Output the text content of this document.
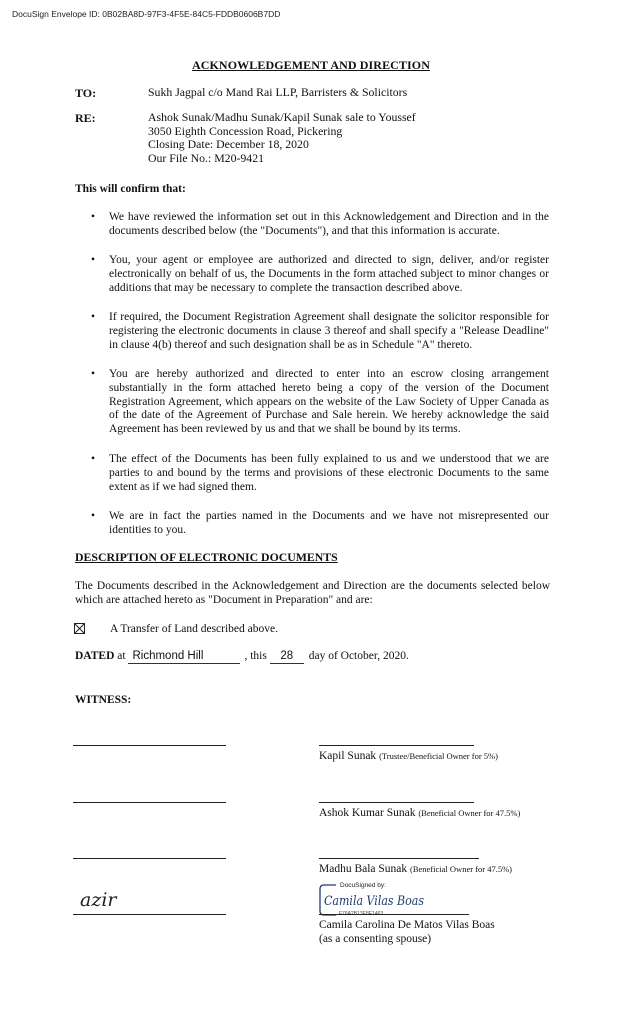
DocuSign Envelope ID: 0B02BA8D-97F3-4F5E-84C5-FDDB0606B7DD
ACKNOWLEDGEMENT AND DIRECTION
TO:	Sukh Jagpal c/o Mand Rai LLP, Barristers & Solicitors
RE:	Ashok Sunak/Madhu Sunak/Kapil Sunak sale to Youssef
3050 Eighth Concession Road, Pickering
Closing Date: December 18, 2020
Our File No.: M20-9421
This will confirm that:
• We have reviewed the information set out in this Acknowledgement and Direction and in the documents described below (the "Documents"), and that this information is accurate.
• You, your agent or employee are authorized and directed to sign, deliver, and/or register electronically on behalf of us, the Documents in the form attached subject to minor changes or additions that may be necessary to complete the transaction described above.
• If required, the Document Registration Agreement shall designate the solicitor responsible for registering the electronic documents in clause 3 thereof and shall specify a "Release Deadline" in clause 4(b) thereof and such designation shall be as in Schedule "A" thereto.
• You are hereby authorized and directed to enter into an escrow closing arrangement substantially in the form attached hereto being a copy of the version of the Document Registration Agreement, which appears on the website of the Law Society of Upper Canada as of the date of the Agreement of Purchase and Sale herein. We hereby acknowledge the said Agreement has been reviewed by us and that we shall be bound by its terms.
• The effect of the Documents has been fully explained to us and we understood that we are parties to and bound by the terms and provisions of these electronic Documents to the same extent as if we had signed them.
• We are in fact the parties named in the Documents and we have not misrepresented our identities to you.
DESCRIPTION OF ELECTRONIC DOCUMENTS
The Documents described in the Acknowledgement and Direction are the documents selected below which are attached hereto as "Document in Preparation" and are:
A Transfer of Land described above.
DATED at Richmond Hill	, this 28 day of October, 2020.
WITNESS:
Kapil Sunak (Trustee/Beneficial Owner for 5%)
Ashok Kumar Sunak (Beneficial Owner for 47.5%)
Madhu Bala Sunak (Beneficial Owner for 47.5%)
azir	Camila Vilas Boas
DocuSigned by:
F76A2B13E8E1463...
Camila Carolina De Matos Vilas Boas
(as a consenting spouse)
